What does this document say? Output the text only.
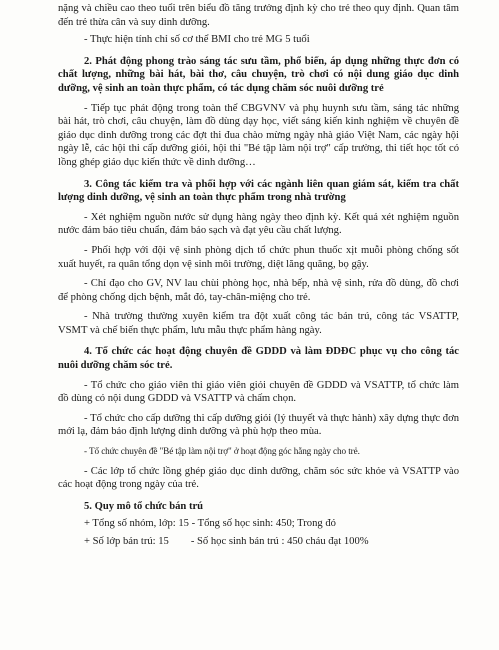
nặng và chiều cao theo tuổi trên biểu đồ tăng trưởng định kỳ cho trẻ theo quy định. Quan tâm đến trẻ thừa cân và suy dinh dưỡng.

- Thực hiện tính chỉ số cơ thể BMI cho trẻ MG 5 tuổi

2. Phát động phong trào sáng tác sưu tầm, phổ biến, áp dụng những thực đơn có chất lượng, những bài hát, bài thơ, câu chuyện, trò chơi có nội dung giáo dục dinh dưỡng, vệ sinh an toàn thực phẩm, có tác dụng chăm sóc nuôi dưỡng trẻ

- Tiếp tục phát động trong toàn thể CBGVNV và phụ huynh sưu tầm, sáng tác những bài hát, trò chơi, câu chuyện, làm đồ dùng dạy học, viết sáng kiến kinh nghiệm về chuyên đề giáo dục dinh dưỡng trong các đợt thi đua chào mừng ngày nhà giáo Việt Nam, các ngày hội ngày lễ, các hội thi cấp dưỡng giỏi, hội thi "Bé tập làm nội trợ" cấp trường, thi tiết học tốt có lồng ghép giáo dục kiến thức về dinh dưỡng…

3. Công tác kiểm tra và phối hợp với các ngành liên quan giám sát, kiểm tra chất lượng dinh dưỡng, vệ sinh an toàn thực phẩm trong nhà trường

- Xét nghiệm nguồn nước sử dụng hàng ngày theo định kỳ. Kết quả xét nghiệm nguồn nước đảm bảo tiêu chuẩn, đảm bảo sạch và đạt yêu cầu chất lượng.

- Phối hợp với đội vệ sinh phòng dịch tổ chức phun thuốc xịt muỗi phòng chống sốt xuất huyết, ra quân tổng dọn vệ sinh môi trường, diệt lăng quăng, bọ gậy.

- Chỉ đạo cho GV, NV lau chùi phòng học, nhà bếp, nhà vệ sinh, rửa đồ dùng, đồ chơi để phòng chống dịch bệnh, mắt đỏ, tay-chân-miệng cho trẻ.

- Nhà trường thường xuyên kiểm tra đột xuất công tác bán trú, công tác VSATTP, VSMT và chế biến thực phẩm, lưu mẫu thực phẩm hàng ngày.

4. Tổ chức các hoạt động chuyên đề GDDD và làm ĐDĐC phục vụ cho công tác nuôi dưỡng chăm sóc trẻ.

- Tổ chức cho giáo viên thi giáo viên giỏi chuyên đề GDDD và VSATTP, tổ chức làm đồ dùng có nội dung GDDD và VSATTP và chấm chọn.

- Tổ chức cho cấp dưỡng thi cấp dưỡng giỏi (lý thuyết và thực hành) xây dựng thực đơn mới lạ, đảm bảo định lượng dinh dưỡng và phù hợp theo mùa.

- Tổ chức chuyên đề "Bé tập làm nội trợ" ở hoạt động góc hằng ngày cho trẻ.

- Các lớp tổ chức lồng ghép giáo dục dinh dưỡng, chăm sóc sức khỏe và VSATTP vào các hoạt động trong ngày của trẻ.

5. Quy mô tổ chức bán trú

+ Tổng số nhóm, lớp: 15 - Tổng số học sinh: 450; Trong đó
+ Số lớp bán trú: 15 - Số học sinh bán trú : 450 cháu đạt 100%
